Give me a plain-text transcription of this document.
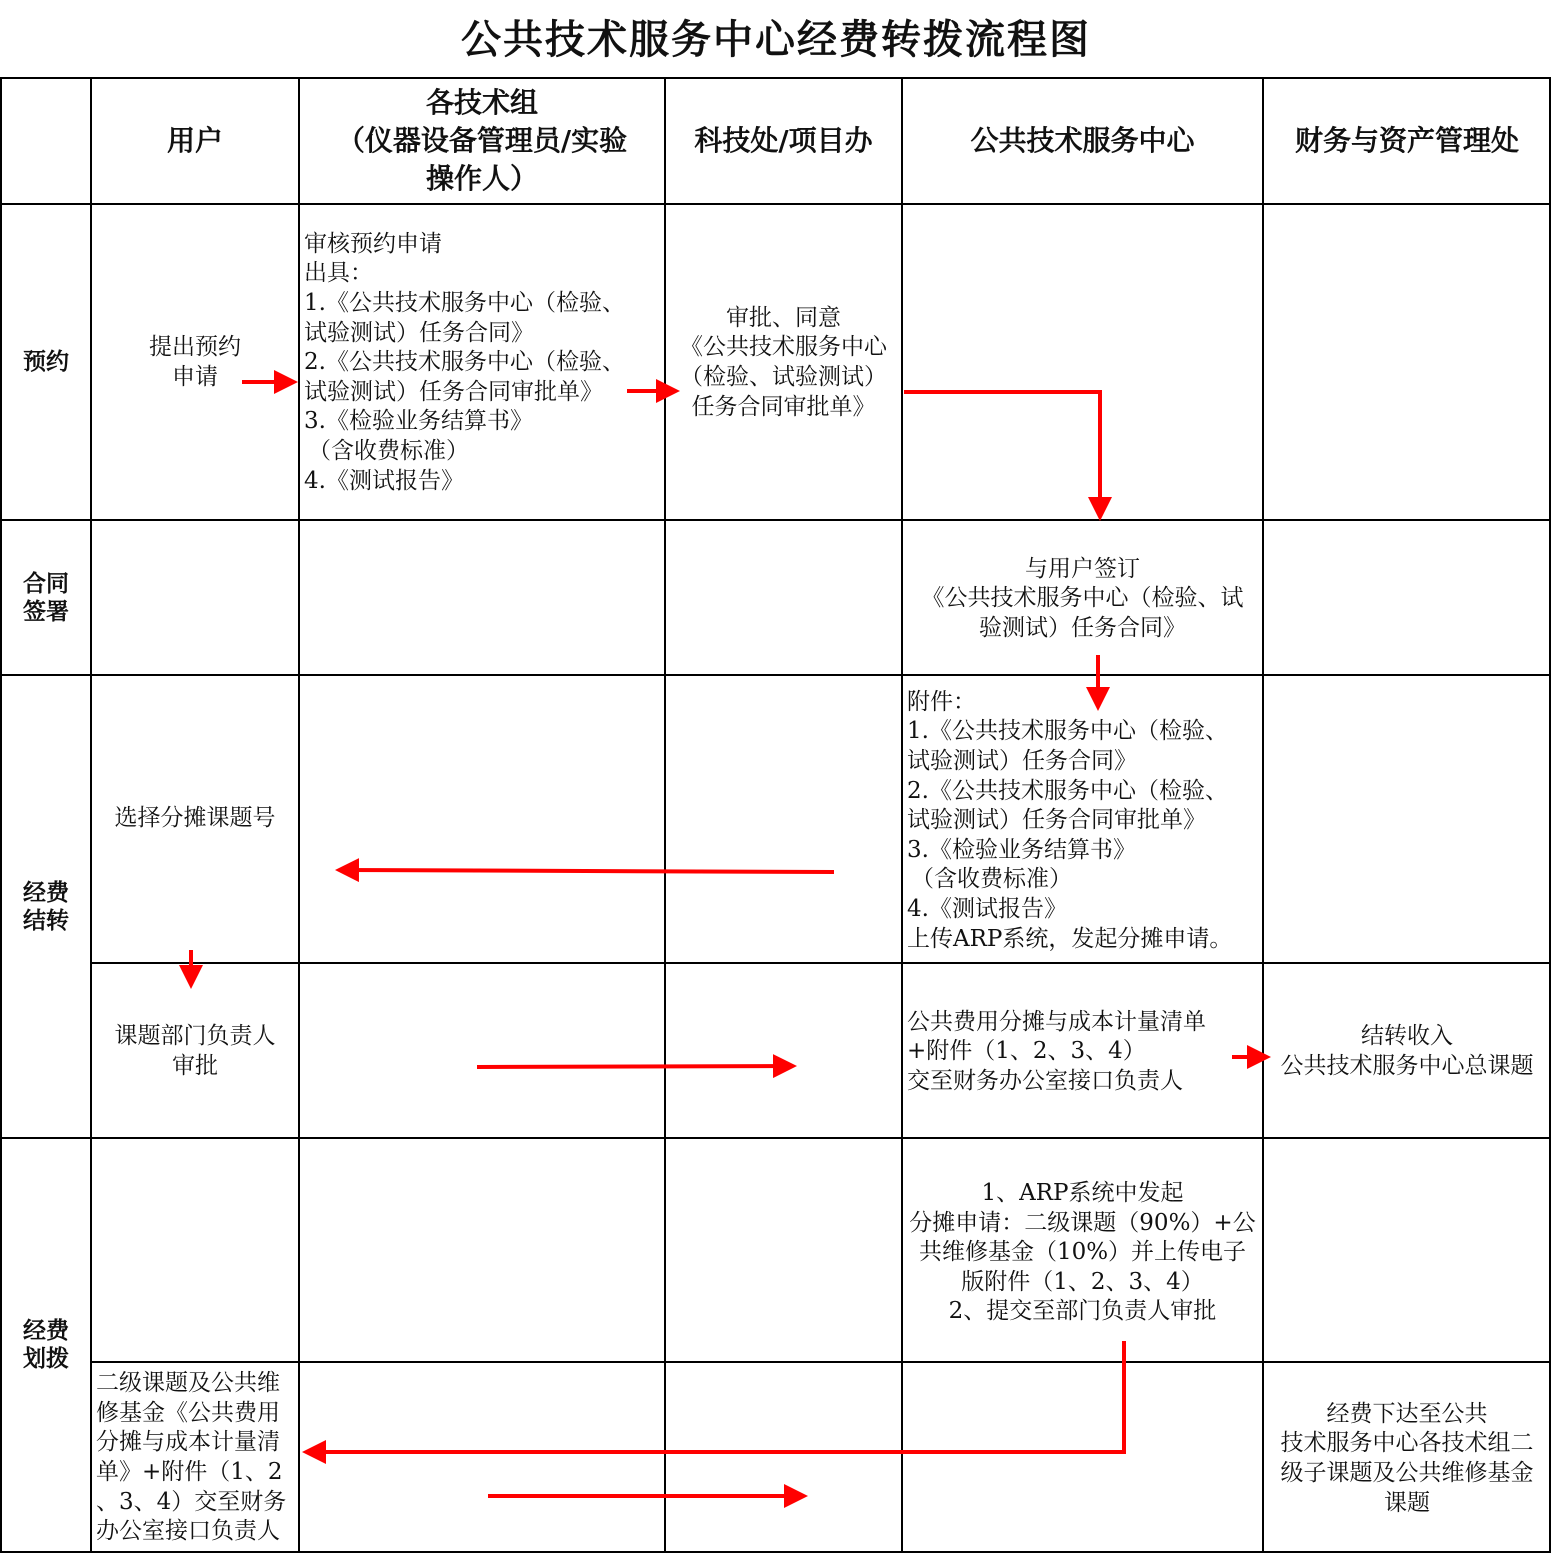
公共技术服务中心经费转拨流程图
用户
各技术组
（仪器设备管理员/实验
操作人）
科技处/项目办	公共技术服务中心	财务与资产管理处
预约
合同
签署
经费
结转
经费
划拨
提出预约
申请
审核预约申请
出具：
1.《公共技术服务中心（检验、
试验测试）任务合同》
2.《公共技术服务中心（检验、
试验测试）任务合同审批单》
3.《检验业务结算书》
（含收费标准）
4.《测试报告》
审批、同意
《公共技术服务中心
（检验、试验测试）
任务合同审批单》
与用户签订
《公共技术服务中心（检验、试
验测试）任务合同》
选择分摊课题号
附件：
1.《公共技术服务中心（检验、
试验测试）任务合同》
2.《公共技术服务中心（检验、
试验测试）任务合同审批单》
3.《检验业务结算书》
（含收费标准）
4.《测试报告》
上传ARP系统，发起分摊申请。
课题部门负责人
审批
公共费用分摊与成本计量清单
+附件（1、2、3、4）
交至财务办公室接口负责人
结转收入
公共技术服务中心总课题
1、ARP系统中发起
分摊申请：二级课题（90%）+公
共维修基金（10%）并上传电子
版附件（1、2、3、4）
2、提交至部门负责人审批
二级课题及公共维
修基金《公共费用
分摊与成本计量清
单》+附件（1、2
、3、4）交至财务
办公室接口负责人
经费下达至公共
技术服务中心各技术组二
级子课题及公共维修基金
课题
